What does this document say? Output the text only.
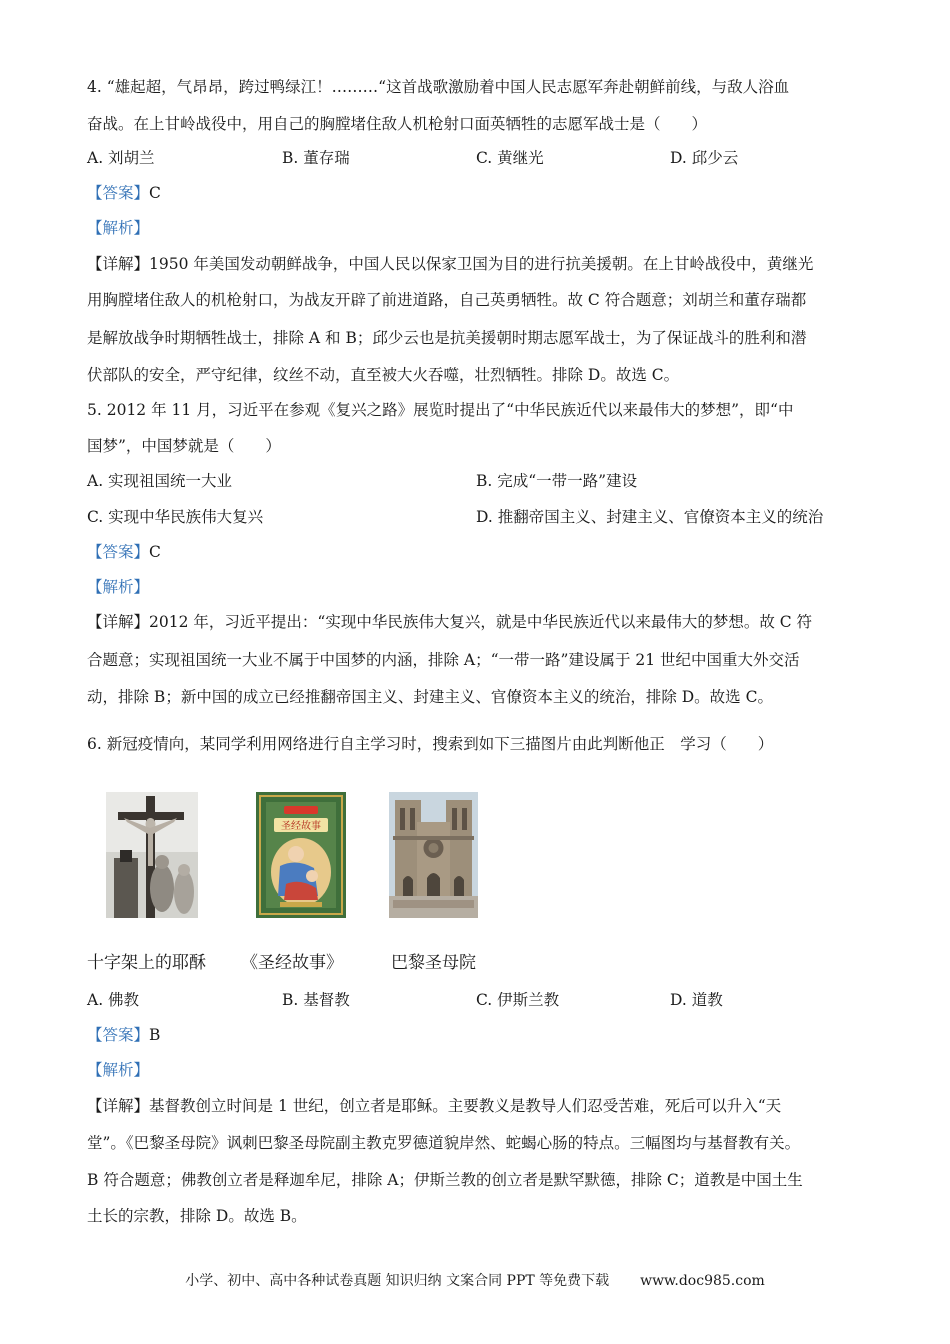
4. “雄起超，气昂昂，跨过鸭绿江！………“这首战歌激励着中国人民志愿军奔赴朝鲜前线，与敌人浴血
奋战。在上甘岭战役中，用自己的胸膛堵住敌人机枪射口面英牺牲的志愿军战士是（　　）
A. 刘胡兰	B. 董存瑞	C. 黄继光	D. 邱少云
【答案】C
【解析】
【详解】1950 年美国发动朝鲜战争，中国人民以保家卫国为目的进行抗美援朝。在上甘岭战役中，黄继光
用胸膛堵住敌人的机枪射口，为战友开辟了前进道路，自己英勇牺牲。故 C 符合题意；刘胡兰和董存瑞都
是解放战争时期牺牲战士，排除 A 和 B；邱少云也是抗美援朝时期志愿军战士，为了保证战斗的胜利和潜
伏部队的安全，严守纪律，纹丝不动，直至被大火吞噬，壮烈牺牲。排除 D。故选 C。
5. 2012 年 11 月，习近平在参观《复兴之路》展览时提出了“中华民族近代以来最伟大的梦想”，即“中
国梦”，中国梦就是（　　）
A. 实现祖国统一大业	B. 完成“一带一路”建设
C. 实现中华民族伟大复兴	D. 推翻帝国主义、封建主义、官僚资本主义的统治
【答案】C
【解析】
【详解】2012 年，习近平提出：“实现中华民族伟大复兴，就是中华民族近代以来最伟大的梦想。故 C 符
合题意；实现祖国统一大业不属于中国梦的内涵，排除 A；“一带一路”建设属于 21 世纪中国重大外交活
动，排除 B；新中国的成立已经推翻帝国主义、封建主义、官僚资本主义的统治，排除 D。故选 C。
6. 新冠疫情向，某同学利用网络进行自主学习时，搜索到如下三描图片由此判断他正　学习（　　）
圣经故事
十字架上的耶酥 《圣经故事》	巴黎圣母院
A. 佛教	B. 基督教	C. 伊斯兰教	D. 道教
【答案】B
【解析】
【详解】基督教创立时间是 1 世纪，创立者是耶稣。主要教义是教导人们忍受苦难，死后可以升入“天
堂”。《巴黎圣母院》讽刺巴黎圣母院副主教克罗德道貌岸然、蛇蝎心肠的特点。三幅图均与基督教有关。
B 符合题意；佛教创立者是释迦牟尼，排除 A；伊斯兰教的创立者是默罕默德，排除 C；道教是中国土生
土长的宗教，排除 D。故选 B。
小学、初中、高中各种试卷真题 知识归纳 文案合同 PPT 等免费下载 www.doc985.com
